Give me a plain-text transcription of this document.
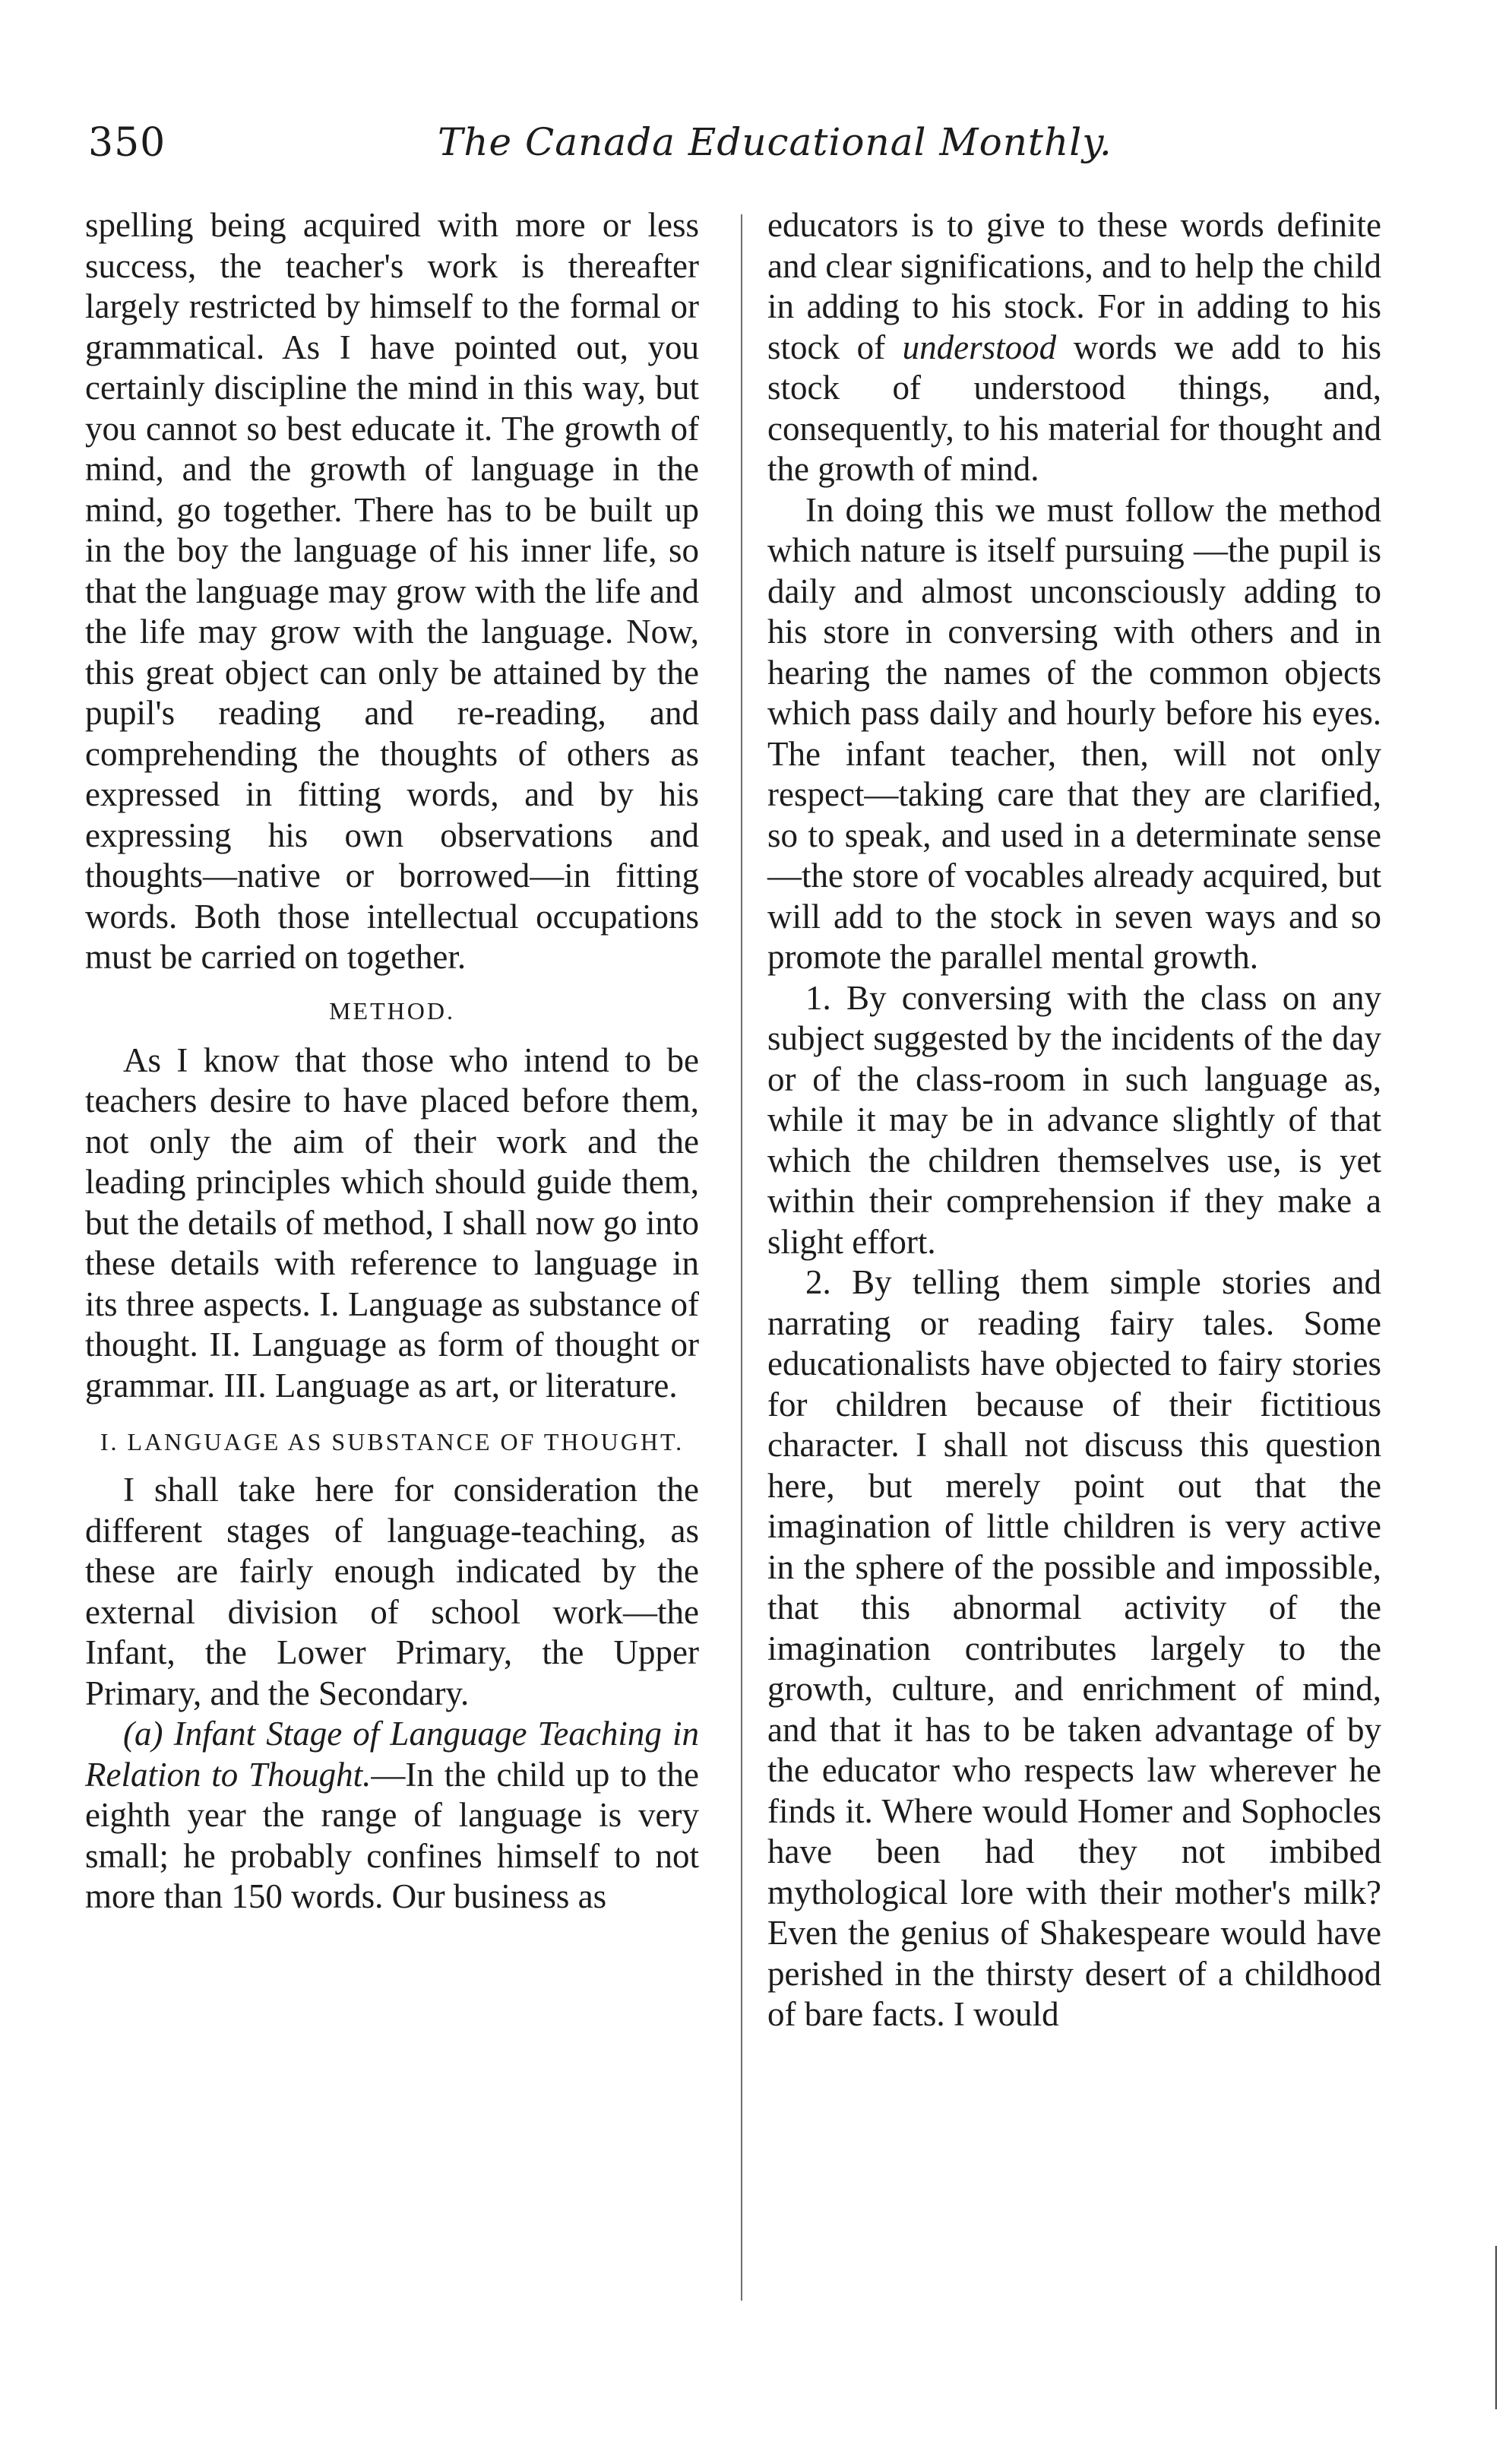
350	The Canada Educational Monthly.

spelling being acquired with more or less success, the teacher's work is thereafter largely restricted by himself to the formal or grammatical. As I have pointed out, you certainly discipline the mind in this way, but you cannot so best educate it. The growth of mind, and the growth of language in the mind, go together. There has to be built up in the boy the language of his inner life, so that the language may grow with the life and the life may grow with the language. Now, this great object can only be attained by the pupil's reading and re-reading, and comprehending the thoughts of others as expressed in fitting words, and by his expressing his own observations and thoughts—native or borrowed—in fitting words. Both those intellectual occupations must be carried on together.

METHOD.

As I know that those who intend to be teachers desire to have placed before them, not only the aim of their work and the leading principles which should guide them, but the details of method, I shall now go into these details with reference to language in its three aspects. I. Language as substance of thought. II. Language as form of thought or grammar. III. Language as art, or literature.

I. LANGUAGE AS SUBSTANCE OF THOUGHT.

I shall take here for consideration the different stages of language-teaching, as these are fairly enough indicated by the external division of school work—the Infant, the Lower Primary, the Upper Primary, and the Secondary.

(a) Infant Stage of Language Teaching in Relation to Thought.—In the child up to the eighth year the range of language is very small; he probably confines himself to not more than 150 words. Our business as

educators is to give to these words definite and clear significations, and to help the child in adding to his stock. For in adding to his stock of understood words we add to his stock of understood things, and, consequently, to his material for thought and the growth of mind.

In doing this we must follow the method which nature is itself pursuing —the pupil is daily and almost unconsciously adding to his store in conversing with others and in hearing the names of the common objects which pass daily and hourly before his eyes. The infant teacher, then, will not only respect—taking care that they are clarified, so to speak, and used in a determinate sense—the store of vocables already acquired, but will add to the stock in seven ways and so promote the parallel mental growth.

1. By conversing with the class on any subject suggested by the incidents of the day or of the class-room in such language as, while it may be in advance slightly of that which the children themselves use, is yet within their comprehension if they make a slight effort.

2. By telling them simple stories and narrating or reading fairy tales. Some educationalists have objected to fairy stories for children because of their fictitious character. I shall not discuss this question here, but merely point out that the imagination of little children is very active in the sphere of the possible and impossible, that this abnormal activity of the imagination contributes largely to the growth, culture, and enrichment of mind, and that it has to be taken advantage of by the educator who respects law wherever he finds it. Where would Homer and Sophocles have been had they not imbibed mythological lore with their mother's milk? Even the genius of Shakespeare would have perished in the thirsty desert of a childhood of bare facts. I would
